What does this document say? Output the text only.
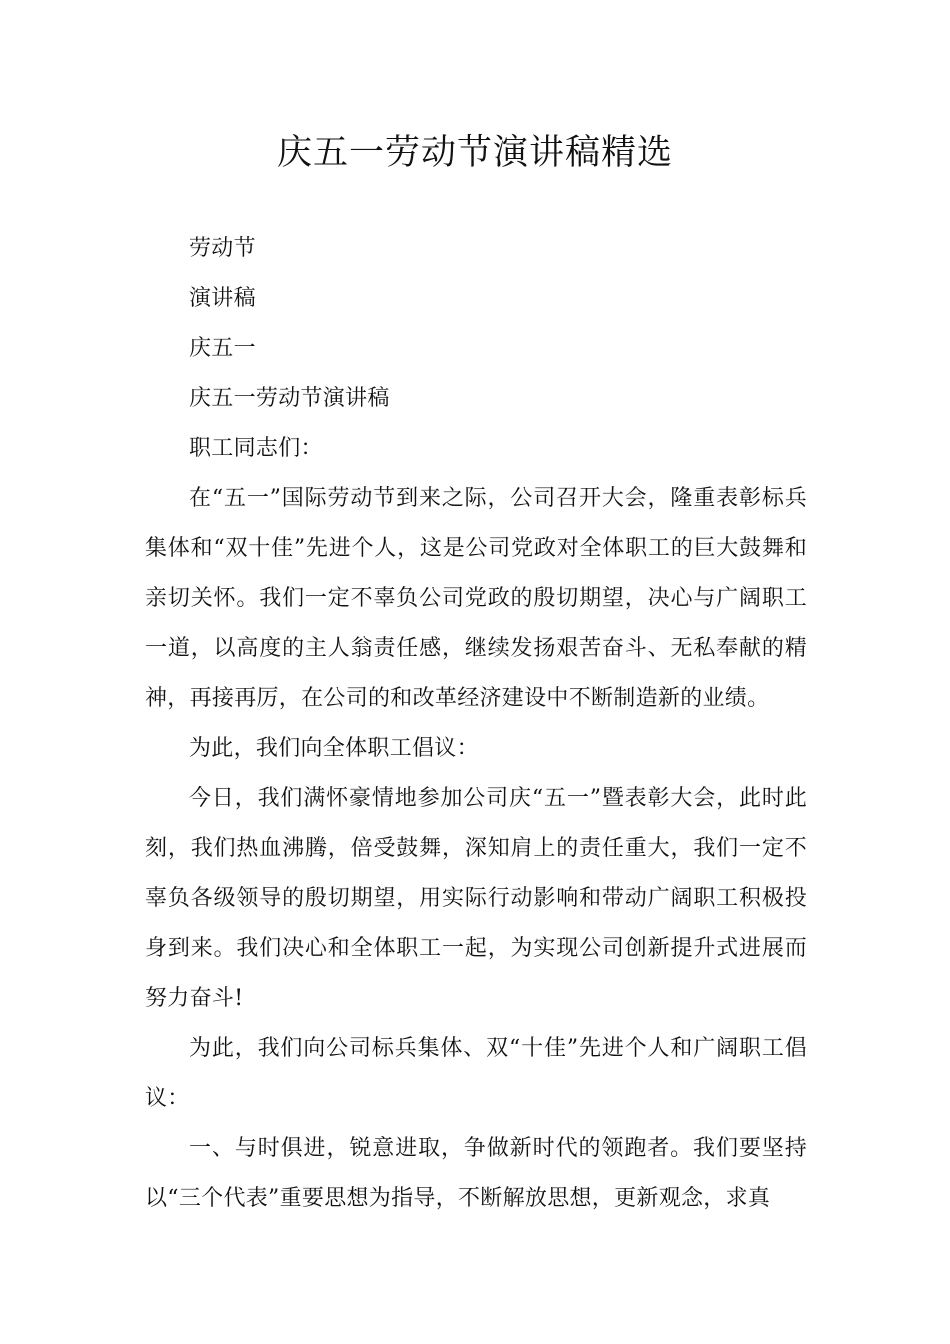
庆五一劳动节演讲稿精选

劳动节

演讲稿

庆五一

庆五一劳动节演讲稿

职工同志们：

在“五一”国际劳动节到来之际，公司召开大会，隆重表彰标兵集体和“双十佳”先进个人，这是公司党政对全体职工的巨大鼓舞和亲切关怀。我们一定不辜负公司党政的殷切期望，决心与广阔职工一道，以高度的主人翁责任感，继续发扬艰苦奋斗、无私奉献的精神，再接再厉，在公司的和改革经济建设中不断制造新的业绩。

为此，我们向全体职工倡议：

今日，我们满怀豪情地参加公司庆“五一”暨表彰大会，此时此刻，我们热血沸腾，倍受鼓舞，深知肩上的责任重大，我们一定不辜负各级领导的殷切期望，用实际行动影响和带动广阔职工积极投身到来。我们决心和全体职工一起，为实现公司创新提升式进展而努力奋斗!

为此，我们向公司标兵集体、双“十佳”先进个人和广阔职工倡议：

一、与时俱进，锐意进取，争做新时代的领跑者。我们要坚持以“三个代表”重要思想为指导，不断解放思想，更新观念，求真
